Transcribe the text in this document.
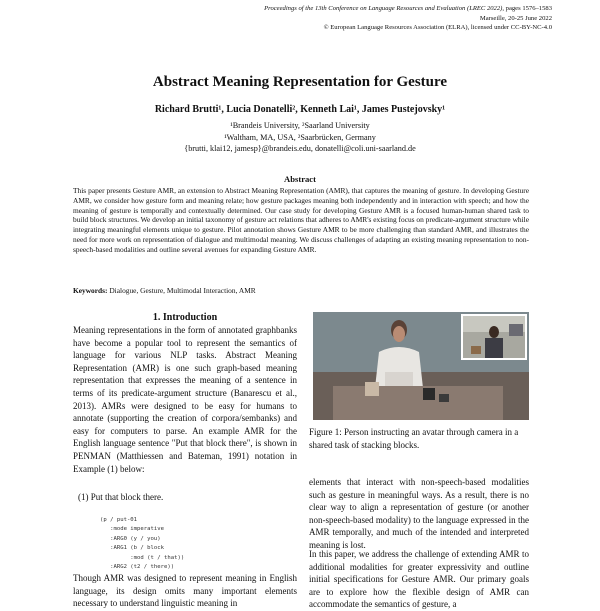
Proceedings of the 13th Conference on Language Resources and Evaluation (LREC 2022), pages 1576–1583
Marseille, 20-25 June 2022
© European Language Resources Association (ELRA), licensed under CC-BY-NC-4.0
Abstract Meaning Representation for Gesture
Richard Brutti¹, Lucia Donatelli², Kenneth Lai¹, James Pustejovsky¹
¹Brandeis University, ²Saarland University
¹Waltham, MA, USA, ²Saarbrücken, Germany
{brutti, klai12, jamesp}@brandeis.edu, donatelli@coli.uni-saarland.de
Abstract
This paper presents Gesture AMR, an extension to Abstract Meaning Representation (AMR), that captures the meaning of gesture. In developing Gesture AMR, we consider how gesture form and meaning relate; how gesture packages meaning both independently and in interaction with speech; and how the meaning of gesture is temporally and contextually determined. Our case study for developing Gesture AMR is a focused human-human shared task to build block structures. We develop an initial taxonomy of gesture act relations that adheres to AMR's existing focus on predicate-argument structure while integrating meaningful elements unique to gesture. Pilot annotation shows Gesture AMR to be more challenging than standard AMR, and illustrates the need for more work on representation of dialogue and multimodal meaning. We discuss challenges of adapting an existing meaning representation to non-speech-based modalities and outline several avenues for expanding Gesture AMR.
Keywords: Dialogue, Gesture, Multimodal Interaction, AMR
1. Introduction
Meaning representations in the form of annotated graphbanks have become a popular tool to represent the semantics of language for various NLP tasks. Abstract Meaning Representation (AMR) is one such graph-based meaning representation that expresses the meaning of a sentence in terms of its predicate-argument structure (Banarescu et al., 2013). AMRs were designed to be easy for humans to annotate (supporting the creation of corpora/sembanks) and easy for computers to parse. An example AMR for the English language sentence "Put that block there", is shown in PENMAN (Matthiessen and Bateman, 1991) notation in Example (1) below:
(1) Put that block there.
(p / put-01
:mode imperative
:ARG0 (y / you)
:ARG1 (b / block
:mod (t / that))
:ARG2 (t2 / there))
Though AMR was designed to represent meaning in English language, its design omits many important elements necessary to understand linguistic meaning in
Figure 1: Person instructing an avatar through camera in a shared task of stacking blocks.
elements that interact with non-speech-based modalities such as gesture in meaningful ways. As a result, there is no clear way to align a representation of gesture (or another non-speech-based modality) to the language expressed in the AMR temporally, and much of the intended and interpreted meaning is lost.
In this paper, we address the challenge of extending AMR to additional modalities for greater expressivity and outline initial specifications for Gesture AMR. Our primary goals are to explore how the flexible design of AMR can accommodate the semantics of gesture, a
